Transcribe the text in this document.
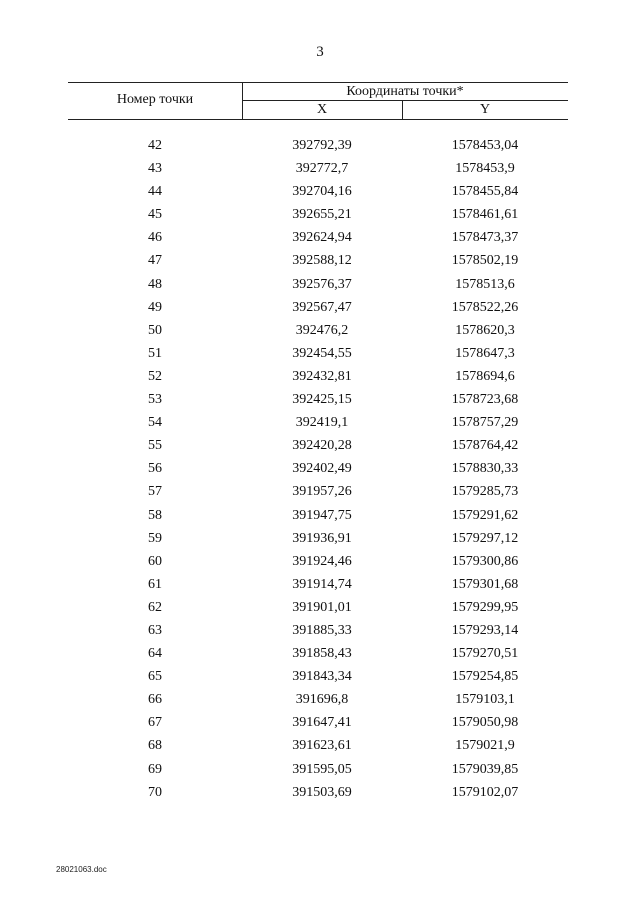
3
Номер точки
Координаты точки*
X	Y
42	392792,39	1578453,04
43	392772,7	1578453,9
44	392704,16	1578455,84
45	392655,21	1578461,61
46	392624,94	1578473,37
47	392588,12	1578502,19
48	392576,37	1578513,6
49	392567,47	1578522,26
50	392476,2	1578620,3
51	392454,55	1578647,3
52	392432,81	1578694,6
53	392425,15	1578723,68
54	392419,1	1578757,29
55	392420,28	1578764,42
56	392402,49	1578830,33
57	391957,26	1579285,73
58	391947,75	1579291,62
59	391936,91	1579297,12
60	391924,46	1579300,86
61	391914,74	1579301,68
62	391901,01	1579299,95
63	391885,33	1579293,14
64	391858,43	1579270,51
65	391843,34	1579254,85
66	391696,8	1579103,1
67	391647,41	1579050,98
68	391623,61	1579021,9
69	391595,05	1579039,85
70	391503,69	1579102,07
28021063.doc
